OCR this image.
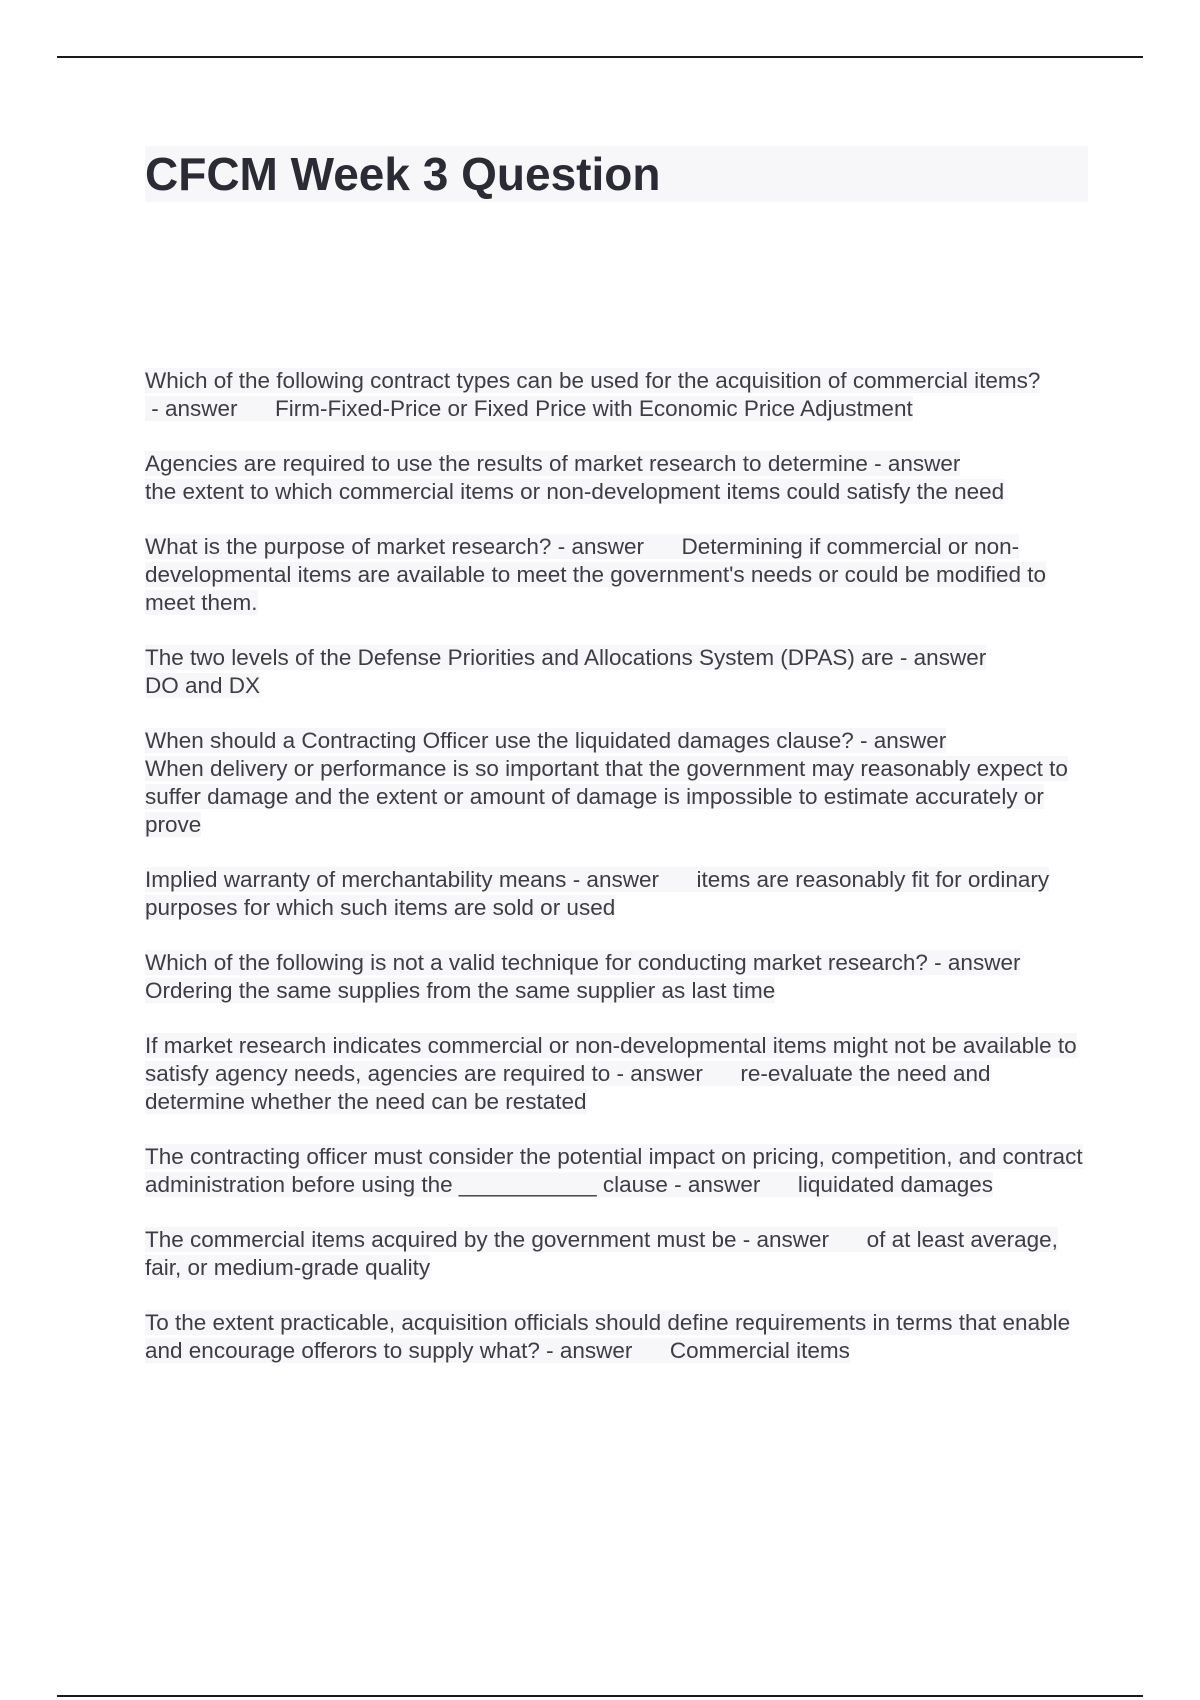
CFCM Week 3 Question
Which of the following contract types can be used for the acquisition of commercial items? - answer Firm-Fixed-Price or Fixed Price with Economic Price Adjustment
Agencies are required to use the results of market research to determine - answer
the extent to which commercial items or non-development items could satisfy the need
What is the purpose of market research? - answer Determining if commercial or non-developmental items are available to meet the government's needs or could be modified to meet them.
The two levels of the Defense Priorities and Allocations System (DPAS) are - answer
DO and DX
When should a Contracting Officer use the liquidated damages clause? - answer
When delivery or performance is so important that the government may reasonably expect to suffer damage and the extent or amount of damage is impossible to estimate accurately or prove
Implied warranty of merchantability means - answer items are reasonably fit for ordinary purposes for which such items are sold or used
Which of the following is not a valid technique for conducting market research? - answer
Ordering the same supplies from the same supplier as last time
If market research indicates commercial or non-developmental items might not be available to satisfy agency needs, agencies are required to - answer re-evaluate the need and determine whether the need can be restated
The contracting officer must consider the potential impact on pricing, competition, and contract administration before using the ___________ clause - answer liquidated damages
The commercial items acquired by the government must be - answer of at least average, fair, or medium-grade quality
To the extent practicable, acquisition officials should define requirements in terms that enable and encourage offerors to supply what? - answer Commercial items
